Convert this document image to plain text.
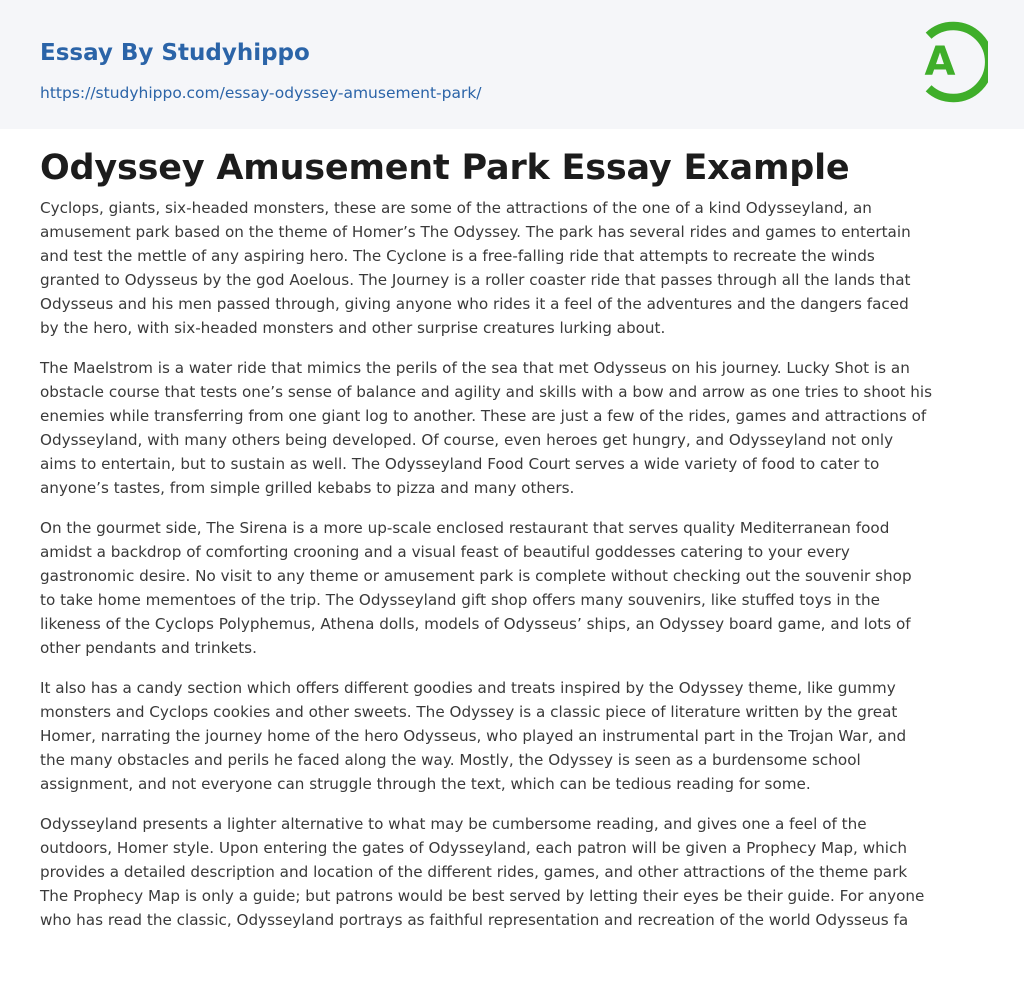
Essay By Studyhippo
https://studyhippo.com/essay-odyssey-amusement-park/
A
Odyssey Amusement Park Essay Example

Cyclops, giants, six-headed monsters, these are some of the attractions of the one of a kind Odysseyland, an
amusement park based on the theme of Homer’s The Odyssey. The park has several rides and games to entertain
and test the mettle of any aspiring hero. The Cyclone is a free-falling ride that attempts to recreate the winds
granted to Odysseus by the god Aoelous. The Journey is a roller coaster ride that passes through all the lands that
Odysseus and his men passed through, giving anyone who rides it a feel of the adventures and the dangers faced
by the hero, with six-headed monsters and other surprise creatures lurking about.

The Maelstrom is a water ride that mimics the perils of the sea that met Odysseus on his journey. Lucky Shot is an
obstacle course that tests one’s sense of balance and agility and skills with a bow and arrow as one tries to shoot his
enemies while transferring from one giant log to another. These are just a few of the rides, games and attractions of
Odysseyland, with many others being developed. Of course, even heroes get hungry, and Odysseyland not only
aims to entertain, but to sustain as well. The Odysseyland Food Court serves a wide variety of food to cater to
anyone’s tastes, from simple grilled kebabs to pizza and many others.

On the gourmet side, The Sirena is a more up-scale enclosed restaurant that serves quality Mediterranean food
amidst a backdrop of comforting crooning and a visual feast of beautiful goddesses catering to your every
gastronomic desire. No visit to any theme or amusement park is complete without checking out the souvenir shop
to take home mementoes of the trip. The Odysseyland gift shop offers many souvenirs, like stuffed toys in the
likeness of the Cyclops Polyphemus, Athena dolls, models of Odysseus’ ships, an Odyssey board game, and lots of
other pendants and trinkets.

It also has a candy section which offers different goodies and treats inspired by the Odyssey theme, like gummy
monsters and Cyclops cookies and other sweets. The Odyssey is a classic piece of literature written by the great
Homer, narrating the journey home of the hero Odysseus, who played an instrumental part in the Trojan War, and
the many obstacles and perils he faced along the way. Mostly, the Odyssey is seen as a burdensome school
assignment, and not everyone can struggle through the text, which can be tedious reading for some.

Odysseyland presents a lighter alternative to what may be cumbersome reading, and gives one a feel of the
outdoors, Homer style. Upon entering the gates of Odysseyland, each patron will be given a Prophecy Map, which
provides a detailed description and location of the different rides, games, and other attractions of the theme park
The Prophecy Map is only a guide; but patrons would be best served by letting their eyes be their guide. For anyone
who has read the classic, Odysseyland portrays as faithful representation and recreation of the world Odysseus fa
